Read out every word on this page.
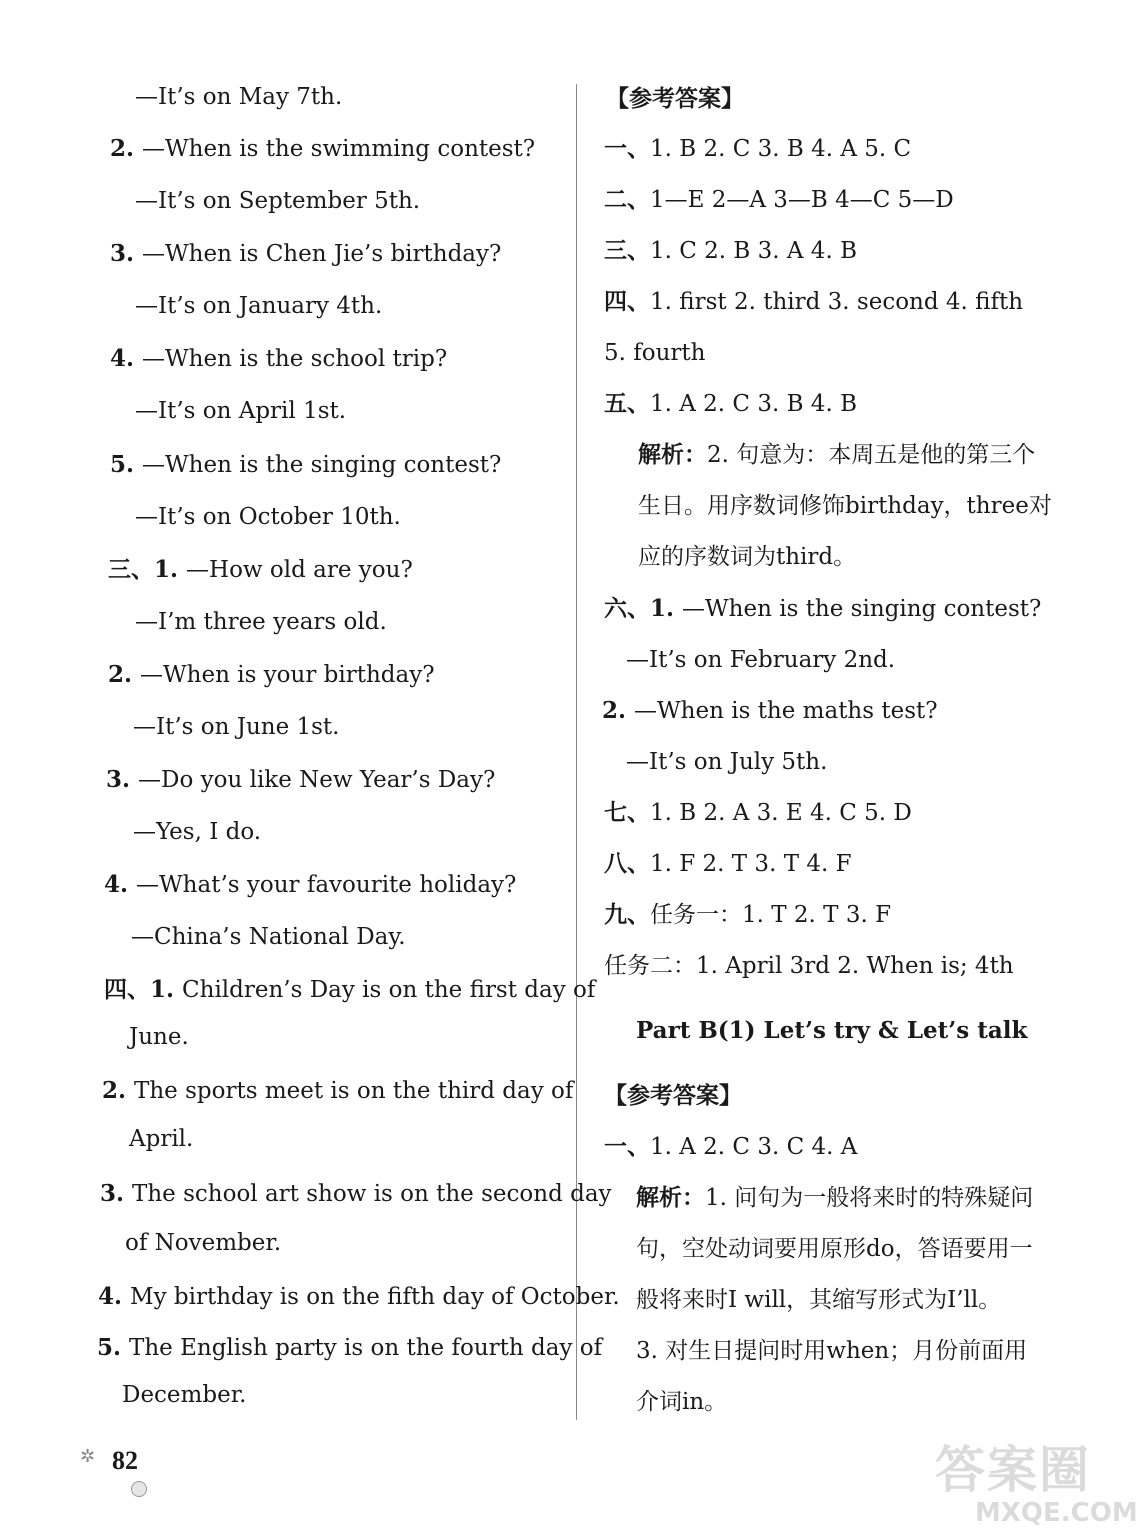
—It’s on May 7th.
2. —When is the swimming contest?
—It’s on September 5th.
3. —When is Chen Jie’s birthday?
—It’s on January 4th.
4. —When is the school trip?
—It’s on April 1st.
5. —When is the singing contest?
—It’s on October 10th.
三、1. —How old are you?
—I’m three years old.
2. —When is your birthday?
—It’s on June 1st.
3. —Do you like New Year’s Day?
—Yes, I do.
4. —What’s your favourite holiday?
—China’s National Day.
四、1. Children’s Day is on the first day of
June.
2. The sports meet is on the third day of
April.
3. The school art show is on the second day
of November.
4. My birthday is on the fifth day of October.
5. The English party is on the fourth day of
December.
【参考答案】
一、1. B 2. C 3. B 4. A 5. C
二、1—E 2—A 3—B 4—C 5—D
三、1. C 2. B 3. A 4. B
四、1. first 2. third 3. second 4. fifth
5. fourth
五、1. A 2. C 3. B 4. B
解析：2. 句意为：本周五是他的第三个
生日。用序数词修饰birthday，three对
应的序数词为third。
六、1. —When is the singing contest?
—It’s on February 2nd.
2. —When is the maths test?
—It’s on July 5th.
七、1. B 2. A 3. E 4. C 5. D
八、1. F 2. T 3. T 4. F
九、任务一：1. T 2. T 3. F
任务二：1. April 3rd 2. When is; 4th
Part B(1) Let’s try & Let’s talk
【参考答案】
一、1. A 2. C 3. C 4. A
解析：1. 问句为一般将来时的特殊疑问
句，空处动词要用原形do，答语要用一
般将来时I will，其缩写形式为I’ll。
3. 对生日提问时用when；月份前面用
介词in。
✲ 82	答案圈
MXQE.COM
